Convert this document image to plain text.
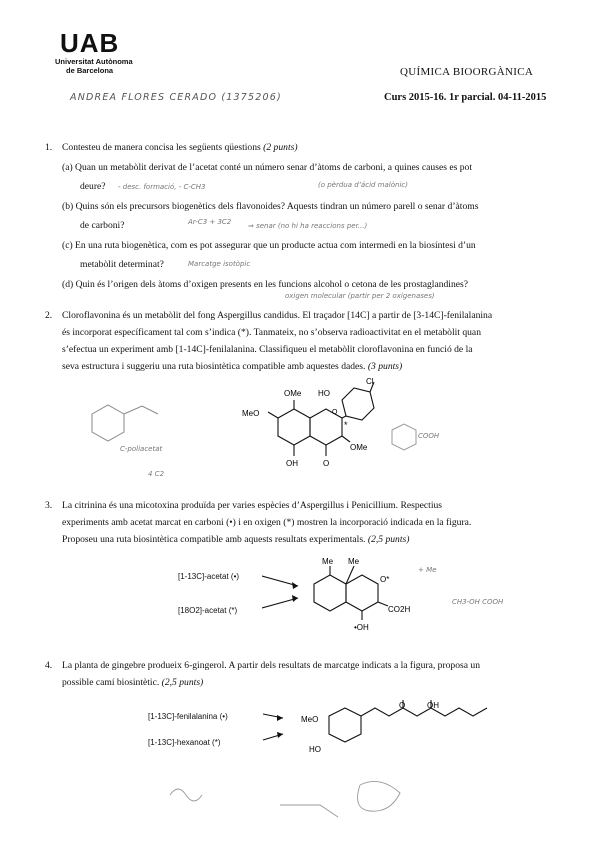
UAB
Universitat Autònoma
de Barcelona	QUÍMICA BIOORGÀNICA
Curs 2015-16. 1r parcial. 04-11-2015
ANDREA FLORES CERADO (1375206)
1. Contesteu de manera concisa les següents qüestions (2 punts)
(a) Quan un metabòlit derivat de l’acetat conté un número senar d’àtoms de carboni, a quines causes es pot
deure? - desc. formació, - C-CH3	(o pèrdua d’ácid malònic)
(b) Quins són els precursors biogenètics dels flavonoides? Aquests tindran un número parell o senar d’àtoms
de carboni?	Ar-C3 + 3C2 ⇒ senar (no hi ha reaccions per...)
(c) En una ruta biogenètica, com es pot assegurar que un producte actua com intermedi en la biosíntesi d’un
metabòlit determinat?	Marcatge isotòpic
(d) Quin és l’origen dels àtoms d’oxigen presents en les funcions alcohol o cetona de les prostaglandines?
oxigen molecular (partir per 2 oxigenases)
2. Cloroflavonina és un metabòlit del fong Aspergillus candidus. El traçador [14C] a partir de [3-14C]-fenilalanina
és incorporat específicament tal com s’indica (*). Tanmateix, no s’observa radioactivitat en el metabòlit quan
s’efectua un experiment amb [1-14C]-fenilalanina. Classifiqueu el metabòlit cloroflavonina en funció de la
seva estructura i suggeriu una ruta biosintètica compatible amb aquestes dades. (3 punts)
C-poliacetat
4 C2
COOH
Cl
HO
OMe
MeO
OMe
OH
O
O
*
3. La citrinina és una micotoxina produïda per varies espècies d’Aspergillus i Penicillium. Respectius
experiments amb acetat marcat en carboni (•) i en oxigen (*) mostren la incorporació indicada en la figura.
Proposeu una ruta biosintètica compatible amb aquests resultats experimentals. (2,5 punts)
[1-13C]-acetat (•)
[18O2]-acetat (*)
+ Me
CH3-OH COOH
Me Me
O*
CO2H
•OH
4. La planta de gingebre produeix 6-gingerol. A partir dels resultats de marcatge indicats a la figura, proposa un
possible camí biosintètic. (2,5 punts)
[1-13C]-fenilalanina (•)
[1-13C]-hexanoat (*)
MeO
HO
O	OH
